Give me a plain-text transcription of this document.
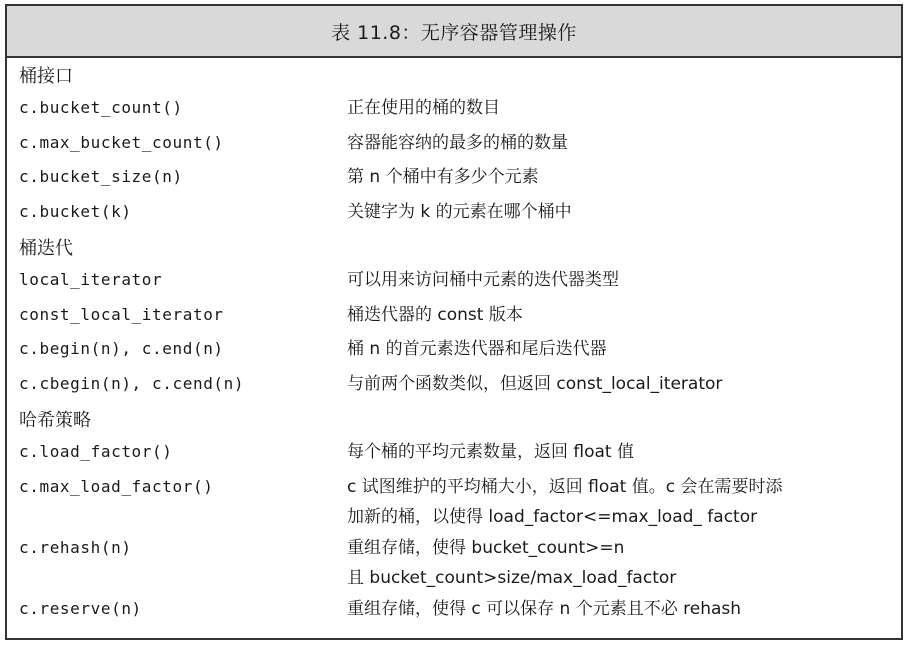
表 11.8：无序容器管理操作
桶接口
c.bucket_count()	正在使用的桶的数目
c.max_bucket_count()	容器能容纳的最多的桶的数量
c.bucket_size(n)	第 n 个桶中有多少个元素
c.bucket(k)	关键字为 k 的元素在哪个桶中
桶迭代
local_iterator	可以用来访问桶中元素的迭代器类型
const_local_iterator	桶迭代器的 const 版本
c.begin(n), c.end(n)	桶 n 的首元素迭代器和尾后迭代器
c.cbegin(n), c.cend(n)	与前两个函数类似，但返回 const_local_iterator
哈希策略
c.load_factor()	每个桶的平均元素数量，返回 float 值
c.max_load_factor()	c 试图维护的平均桶大小，返回 float 值。c 会在需要时添
加新的桶，以使得 load_factor<=max_load_ factor
c.rehash(n)	重组存储，使得 bucket_count>=n
且 bucket_count>size/max_load_factor
c.reserve(n)	重组存储，使得 c 可以保存 n 个元素且不必 rehash
